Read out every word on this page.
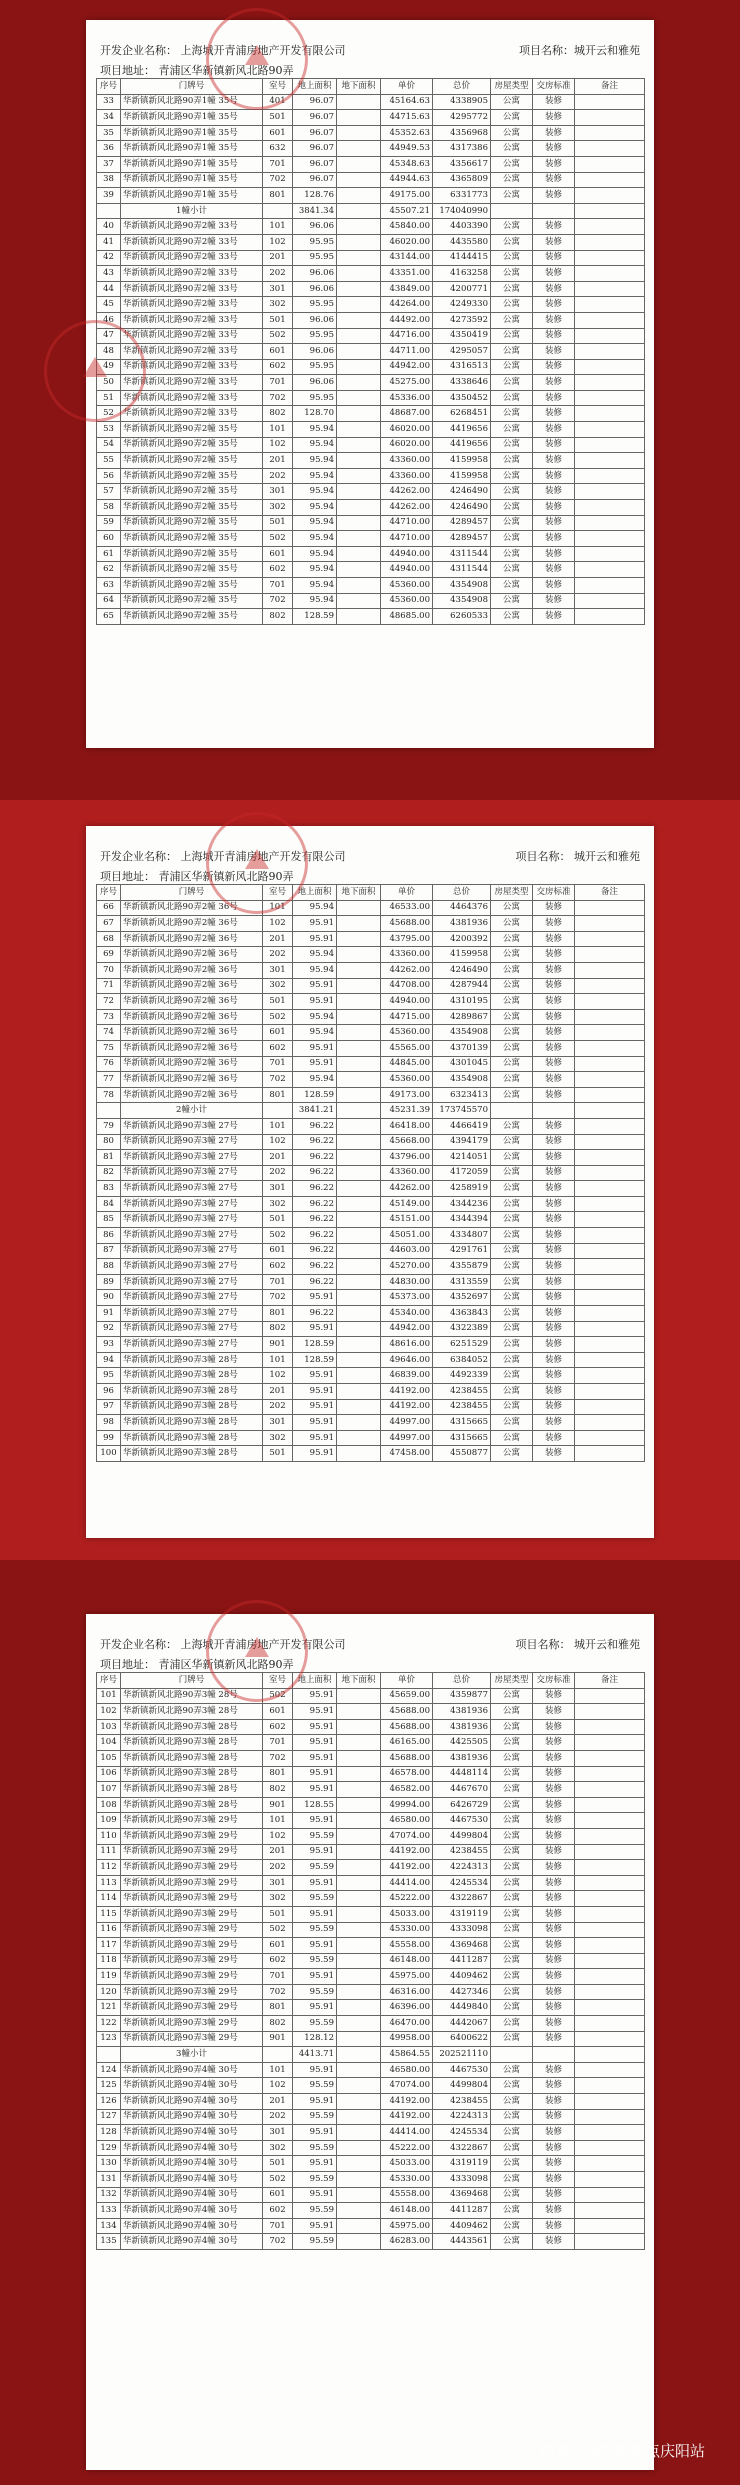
开发企业名称： 上海城开青浦房地产开发有限公司	项目名称：城开云和雅苑
项目地址： 青浦区华新镇新风北路90弄
序号	门牌号	室号	地上面积	地下面积	单价	总价	房屋类型	交房标准	备注
33	华新镇新风北路90弄1幢 35号	401	96.07		45164.63	4338905	公寓	装修	
34	华新镇新风北路90弄1幢 35号	501	96.07		44715.63	4295772	公寓	装修	
35	华新镇新风北路90弄1幢 35号	601	96.07		45352.63	4356968	公寓	装修	
36	华新镇新风北路90弄1幢 35号	632	96.07		44949.53	4317386	公寓	装修	
37	华新镇新风北路90弄1幢 35号	701	96.07		45348.63	4356617	公寓	装修	
38	华新镇新风北路90弄1幢 35号	702	96.07		44944.63	4365809	公寓	装修	
39	华新镇新风北路90弄1幢 35号	801	128.76		49175.00	6331773	公寓	装修	
	1幢小计		3841.34		45507.21	174040990			
40	华新镇新风北路90弄2幢 33号	101	96.06		45840.00	4403390	公寓	装修	
41	华新镇新风北路90弄2幢 33号	102	95.95		46020.00	4435580	公寓	装修	
42	华新镇新风北路90弄2幢 33号	201	95.95		43144.00	4144415	公寓	装修	
43	华新镇新风北路90弄2幢 33号	202	96.06		43351.00	4163258	公寓	装修	
44	华新镇新风北路90弄2幢 33号	301	96.06		43849.00	4200771	公寓	装修	
45	华新镇新风北路90弄2幢 33号	302	95.95		44264.00	4249330	公寓	装修	
46	华新镇新风北路90弄2幢 33号	501	96.06		44492.00	4273592	公寓	装修	
47	华新镇新风北路90弄2幢 33号	502	95.95		44716.00	4350419	公寓	装修	
48	华新镇新风北路90弄2幢 33号	601	96.06		44711.00	4295057	公寓	装修	
49	华新镇新风北路90弄2幢 33号	602	95.95		44942.00	4316513	公寓	装修	
50	华新镇新风北路90弄2幢 33号	701	96.06		45275.00	4338646	公寓	装修	
51	华新镇新风北路90弄2幢 33号	702	95.95		45336.00	4350452	公寓	装修	
52	华新镇新风北路90弄2幢 33号	802	128.70		48687.00	6268451	公寓	装修	
53	华新镇新风北路90弄2幢 35号	101	95.94		46020.00	4419656	公寓	装修	
54	华新镇新风北路90弄2幢 35号	102	95.94		46020.00	4419656	公寓	装修	
55	华新镇新风北路90弄2幢 35号	201	95.94		43360.00	4159958	公寓	装修	
56	华新镇新风北路90弄2幢 35号	202	95.94		43360.00	4159958	公寓	装修	
57	华新镇新风北路90弄2幢 35号	301	95.94		44262.00	4246490	公寓	装修	
58	华新镇新风北路90弄2幢 35号	302	95.94		44262.00	4246490	公寓	装修	
59	华新镇新风北路90弄2幢 35号	501	95.94		44710.00	4289457	公寓	装修	
60	华新镇新风北路90弄2幢 35号	502	95.94		44710.00	4289457	公寓	装修	
61	华新镇新风北路90弄2幢 35号	601	95.94		44940.00	4311544	公寓	装修	
62	华新镇新风北路90弄2幢 35号	602	95.94		44940.00	4311544	公寓	装修	
63	华新镇新风北路90弄2幢 35号	701	95.94		45360.00	4354908	公寓	装修	
64	华新镇新风北路90弄2幢 35号	702	95.94		45360.00	4354908	公寓	装修	
65	华新镇新风北路90弄2幢 35号	802	128.59		48685.00	6260533	公寓	装修	
开发企业名称： 上海城开青浦房地产开发有限公司	项目名称： 城开云和雅苑
项目地址： 青浦区华新镇新风北路90弄
序号	门牌号	室号	地上面积	地下面积	单价	总价	房屋类型	交房标准	备注
66	华新镇新风北路90弄2幢 36号	101	95.94		46533.00	4464376	公寓	装修	
67	华新镇新风北路90弄2幢 36号	102	95.91		45688.00	4381936	公寓	装修	
68	华新镇新风北路90弄2幢 36号	201	95.91		43795.00	4200392	公寓	装修	
69	华新镇新风北路90弄2幢 36号	202	95.94		43360.00	4159958	公寓	装修	
70	华新镇新风北路90弄2幢 36号	301	95.94		44262.00	4246490	公寓	装修	
71	华新镇新风北路90弄2幢 36号	302	95.91		44708.00	4287944	公寓	装修	
72	华新镇新风北路90弄2幢 36号	501	95.91		44940.00	4310195	公寓	装修	
73	华新镇新风北路90弄2幢 36号	502	95.94		44715.00	4289867	公寓	装修	
74	华新镇新风北路90弄2幢 36号	601	95.94		45360.00	4354908	公寓	装修	
75	华新镇新风北路90弄2幢 36号	602	95.91		45565.00	4370139	公寓	装修	
76	华新镇新风北路90弄2幢 36号	701	95.91		44845.00	4301045	公寓	装修	
77	华新镇新风北路90弄2幢 36号	702	95.94		45360.00	4354908	公寓	装修	
78	华新镇新风北路90弄2幢 36号	801	128.59		49173.00	6323413	公寓	装修	
	2幢小计		3841.21		45231.39	173745570			
79	华新镇新风北路90弄3幢 27号	101	96.22		46418.00	4466419	公寓	装修	
80	华新镇新风北路90弄3幢 27号	102	96.22		45668.00	4394179	公寓	装修	
81	华新镇新风北路90弄3幢 27号	201	96.22		43796.00	4214051	公寓	装修	
82	华新镇新风北路90弄3幢 27号	202	96.22		43360.00	4172059	公寓	装修	
83	华新镇新风北路90弄3幢 27号	301	96.22		44262.00	4258919	公寓	装修	
84	华新镇新风北路90弄3幢 27号	302	96.22		45149.00	4344236	公寓	装修	
85	华新镇新风北路90弄3幢 27号	501	96.22		45151.00	4344394	公寓	装修	
86	华新镇新风北路90弄3幢 27号	502	96.22		45051.00	4334807	公寓	装修	
87	华新镇新风北路90弄3幢 27号	601	96.22		44603.00	4291761	公寓	装修	
88	华新镇新风北路90弄3幢 27号	602	96.22		45270.00	4355879	公寓	装修	
89	华新镇新风北路90弄3幢 27号	701	96.22		44830.00	4313559	公寓	装修	
90	华新镇新风北路90弄3幢 27号	702	95.91		45373.00	4352697	公寓	装修	
91	华新镇新风北路90弄3幢 27号	801	96.22		45340.00	4363843	公寓	装修	
92	华新镇新风北路90弄3幢 27号	802	95.91		44942.00	4322389	公寓	装修	
93	华新镇新风北路90弄3幢 27号	901	128.59		48616.00	6251529	公寓	装修	
94	华新镇新风北路90弄3幢 28号	101	128.59		49646.00	6384052	公寓	装修	
95	华新镇新风北路90弄3幢 28号	102	95.91		46839.00	4492339	公寓	装修	
96	华新镇新风北路90弄3幢 28号	201	95.91		44192.00	4238455	公寓	装修	
97	华新镇新风北路90弄3幢 28号	202	95.91		44192.00	4238455	公寓	装修	
98	华新镇新风北路90弄3幢 28号	301	95.91		44997.00	4315665	公寓	装修	
99	华新镇新风北路90弄3幢 28号	302	95.91		44997.00	4315665	公寓	装修	
100	华新镇新风北路90弄3幢 28号	501	95.91		47458.00	4550877	公寓	装修	
开发企业名称： 上海城开青浦房地产开发有限公司	项目名称： 城开云和雅苑
项目地址： 青浦区华新镇新风北路90弄
序号	门牌号	室号	地上面积	地下面积	单价	总价	房屋类型	交房标准	备注
101	华新镇新风北路90弄3幢 28号	502	95.91		45659.00	4359877	公寓	装修	
102	华新镇新风北路90弄3幢 28号	601	95.91		45688.00	4381936	公寓	装修	
103	华新镇新风北路90弄3幢 28号	602	95.91		45688.00	4381936	公寓	装修	
104	华新镇新风北路90弄3幢 28号	701	95.91		46165.00	4425505	公寓	装修	
105	华新镇新风北路90弄3幢 28号	702	95.91		45688.00	4381936	公寓	装修	
106	华新镇新风北路90弄3幢 28号	801	95.91		46578.00	4448114	公寓	装修	
107	华新镇新风北路90弄3幢 28号	802	95.91		46582.00	4467670	公寓	装修	
108	华新镇新风北路90弄3幢 28号	901	128.55		49994.00	6426729	公寓	装修	
109	华新镇新风北路90弄3幢 29号	101	95.91		46580.00	4467530	公寓	装修	
110	华新镇新风北路90弄3幢 29号	102	95.59		47074.00	4499804	公寓	装修	
111	华新镇新风北路90弄3幢 29号	201	95.91		44192.00	4238455	公寓	装修	
112	华新镇新风北路90弄3幢 29号	202	95.59		44192.00	4224313	公寓	装修	
113	华新镇新风北路90弄3幢 29号	301	95.91		44414.00	4245534	公寓	装修	
114	华新镇新风北路90弄3幢 29号	302	95.59		45222.00	4322867	公寓	装修	
115	华新镇新风北路90弄3幢 29号	501	95.91		45033.00	4319119	公寓	装修	
116	华新镇新风北路90弄3幢 29号	502	95.59		45330.00	4333098	公寓	装修	
117	华新镇新风北路90弄3幢 29号	601	95.91		45558.00	4369468	公寓	装修	
118	华新镇新风北路90弄3幢 29号	602	95.59		46148.00	4411287	公寓	装修	
119	华新镇新风北路90弄3幢 29号	701	95.91		45975.00	4409462	公寓	装修	
120	华新镇新风北路90弄3幢 29号	702	95.59		46316.00	4427346	公寓	装修	
121	华新镇新风北路90弄3幢 29号	801	95.91		46396.00	4449840	公寓	装修	
122	华新镇新风北路90弄3幢 29号	802	95.59		46470.00	4442067	公寓	装修	
123	华新镇新风北路90弄3幢 29号	901	128.12		49958.00	6400622	公寓	装修	
	3幢小计		4413.71		45864.55	202521110			
124	华新镇新风北路90弄4幢 30号	101	95.91		46580.00	4467530	公寓	装修	
125	华新镇新风北路90弄4幢 30号	102	95.59		47074.00	4499804	公寓	装修	
126	华新镇新风北路90弄4幢 30号	201	95.91		44192.00	4238455	公寓	装修	
127	华新镇新风北路90弄4幢 30号	202	95.59		44192.00	4224313	公寓	装修	
128	华新镇新风北路90弄4幢 30号	301	95.91		44414.00	4245534	公寓	装修	
129	华新镇新风北路90弄4幢 30号	302	95.59		45222.00	4322867	公寓	装修	
130	华新镇新风北路90弄4幢 30号	501	95.91		45033.00	4319119	公寓	装修	
131	华新镇新风北路90弄4幢 30号	502	95.59		45330.00	4333098	公寓	装修	
132	华新镇新风北路90弄4幢 30号	601	95.91		45558.00	4369468	公寓	装修	
133	华新镇新风北路90弄4幢 30号	602	95.59		46148.00	4411287	公寓	装修	
134	华新镇新风北路90弄4幢 30号	701	95.91		45975.00	4409462	公寓	装修	
135	华新镇新风北路90弄4幢 30号	702	95.59		46283.00	4443561	公寓	装修	
搜狐号@搜狐焦点庆阳站
